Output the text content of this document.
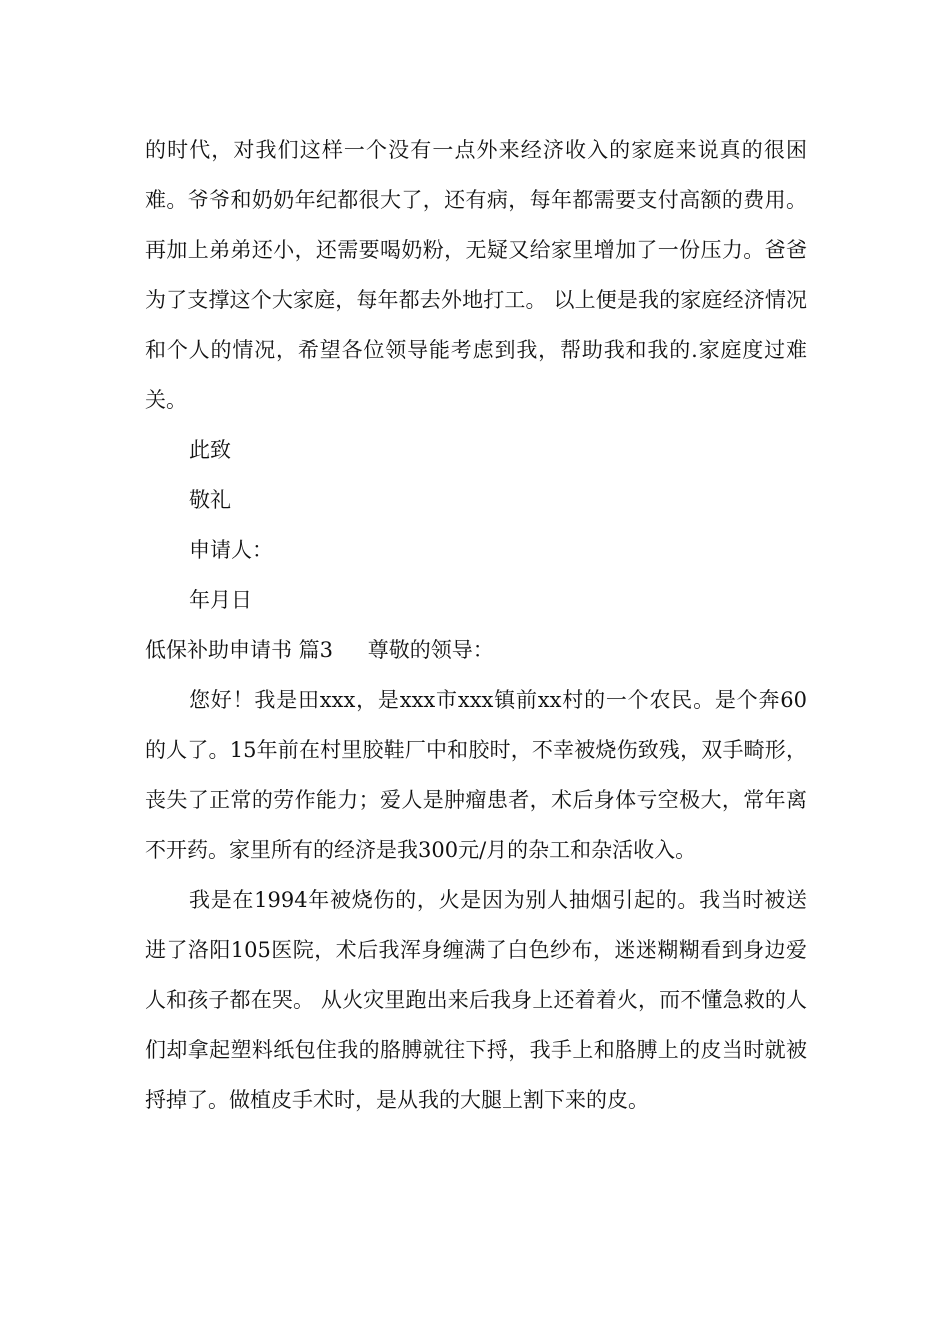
的时代，对我们这样一个没有一点外来经济收入的家庭来说真的很困难。爷爷和奶奶年纪都很大了，还有病，每年都需要支付高额的费用。再加上弟弟还小，还需要喝奶粉，无疑又给家里增加了一份压力。爸爸为了支撑这个大家庭，每年都去外地打工。 以上便是我的家庭经济情况和个人的情况，希望各位领导能考虑到我，帮助我和我的.家庭度过难关。

此致

敬礼

申请人：

年月日

低保补助申请书 篇3 尊敬的领导：

您好！我是田xxx，是xxx市xxx镇前xx村的一个农民。是个奔60的人了。15年前在村里胶鞋厂中和胶时，不幸被烧伤致残，双手畸形，丧失了正常的劳作能力；爱人是肿瘤患者，术后身体亏空极大，常年离不开药。家里所有的经济是我300元/月的杂工和杂活收入。

我是在1994年被烧伤的，火是因为别人抽烟引起的。我当时被送进了洛阳105医院，术后我浑身缠满了白色纱布，迷迷糊糊看到身边爱人和孩子都在哭。 从火灾里跑出来后我身上还着着火，而不懂急救的人们却拿起塑料纸包住我的胳膊就往下捋，我手上和胳膊上的皮当时就被捋掉了。做植皮手术时，是从我的大腿上割下来的皮。
